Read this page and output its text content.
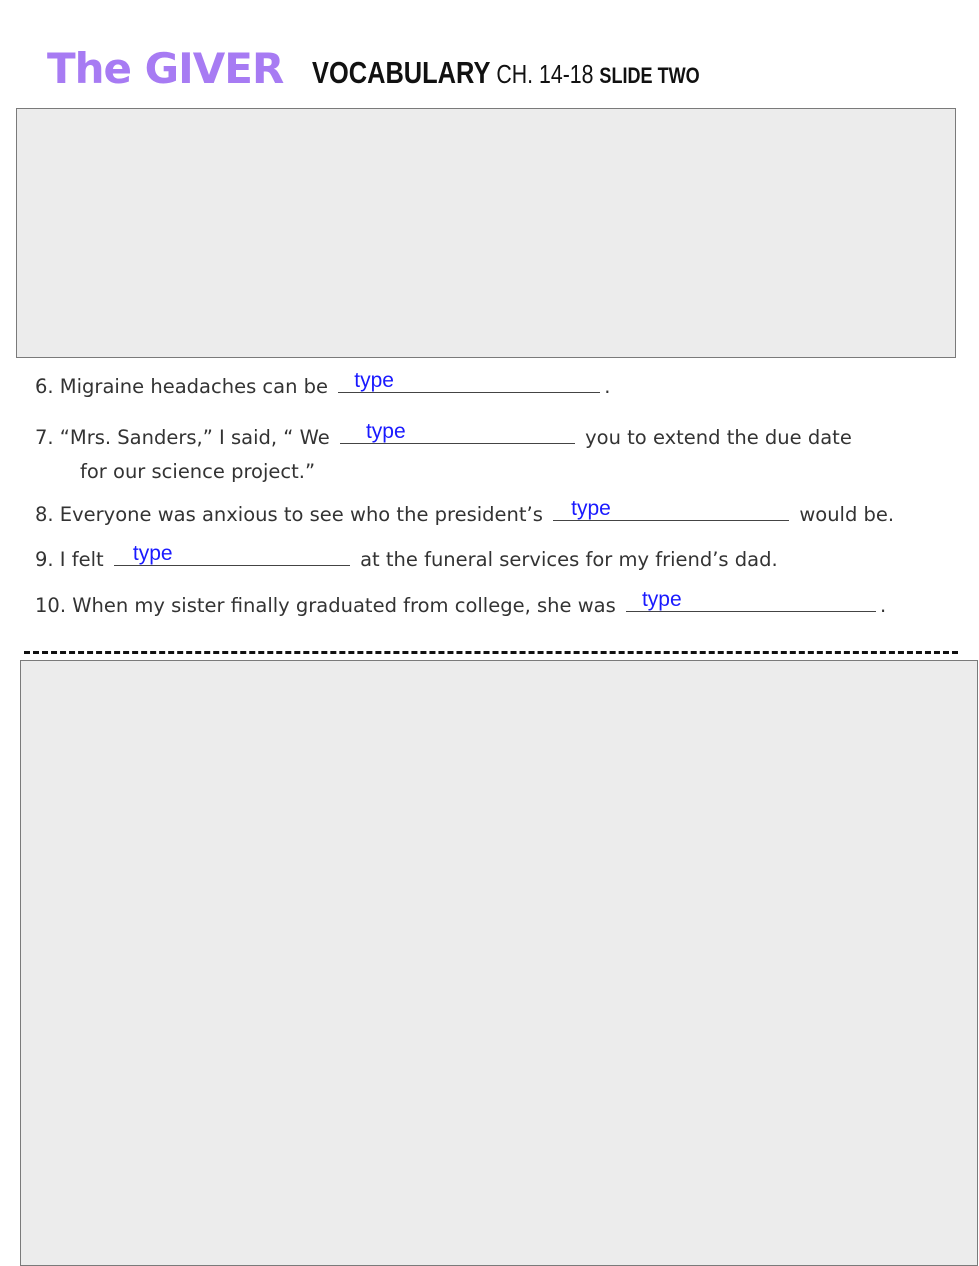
The GIVER VOCABULARY CH. 14-18 SLIDE TWO
6. Migraine headaches can be type	.
7. “Mrs. Sanders,” I said, “ We type	you to extend the due date
for our science project.”
8. Everyone was anxious to see who the president’s type	would be.
9. I felt type	at the funeral services for my friend’s dad.
10. When my sister finally graduated from college, she was type	.
